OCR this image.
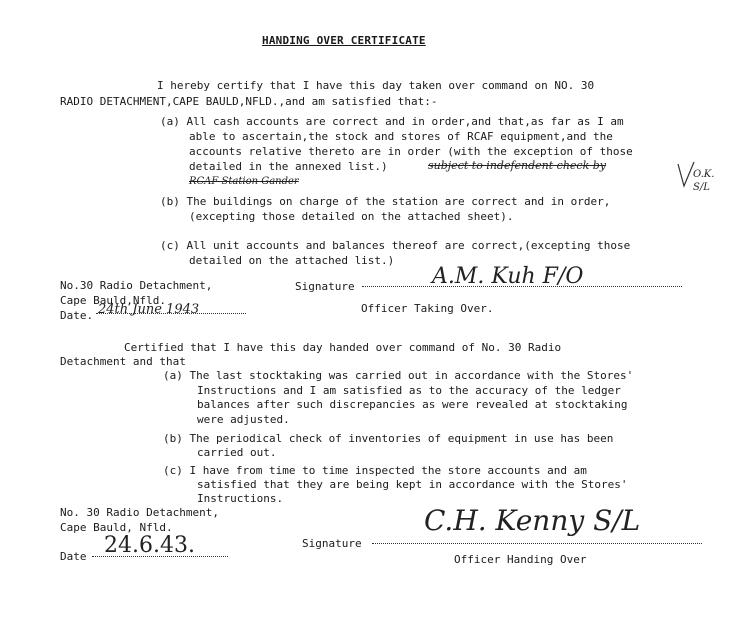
HANDING OVER CERTIFICATE
I hereby certify that I have this day taken over command on NO. 30
RADIO DETACHMENT,CAPE BAULD,NFLD.,and am satisfied that:-
(a) All cash accounts are correct and in order,and that,as far as I am
able to ascertain,the stock and stores of RCAF equipment,and the
accounts relative thereto are in order (with the exception of those
detailed in the annexed list.)	subject to indefendent check by
RCAF Station Gander
O.K. S/L
(b) The buildings on charge of the station are correct and in order,
(excepting those detailed on the attached sheet).
(c) All unit accounts and balances thereof are correct,(excepting those
detailed on the attached list.)
No.30 Radio Detachment,
Cape Bauld,Nfld.
Date. 24th June 1943
Signature	A.M. Kuh F/O
Officer Taking Over.
Certified that I have this day handed over command of No. 30 Radio
Detachment and that
(a) The last stocktaking was carried out in accordance with the Stores'
Instructions and I am satisfied as to the accuracy of the ledger
balances after such discrepancies as were revealed at stocktaking
were adjusted.
(b) The periodical check of inventories of equipment in use has been
carried out.
(c) I have from time to time inspected the store accounts and am
satisfied that they are being kept in accordance with the Stores'
Instructions.
No. 30 Radio Detachment,
Cape Bauld, Nfld.
Date 24.6.43.	Signature
C.H. Kenny S/L
Officer Handing Over
